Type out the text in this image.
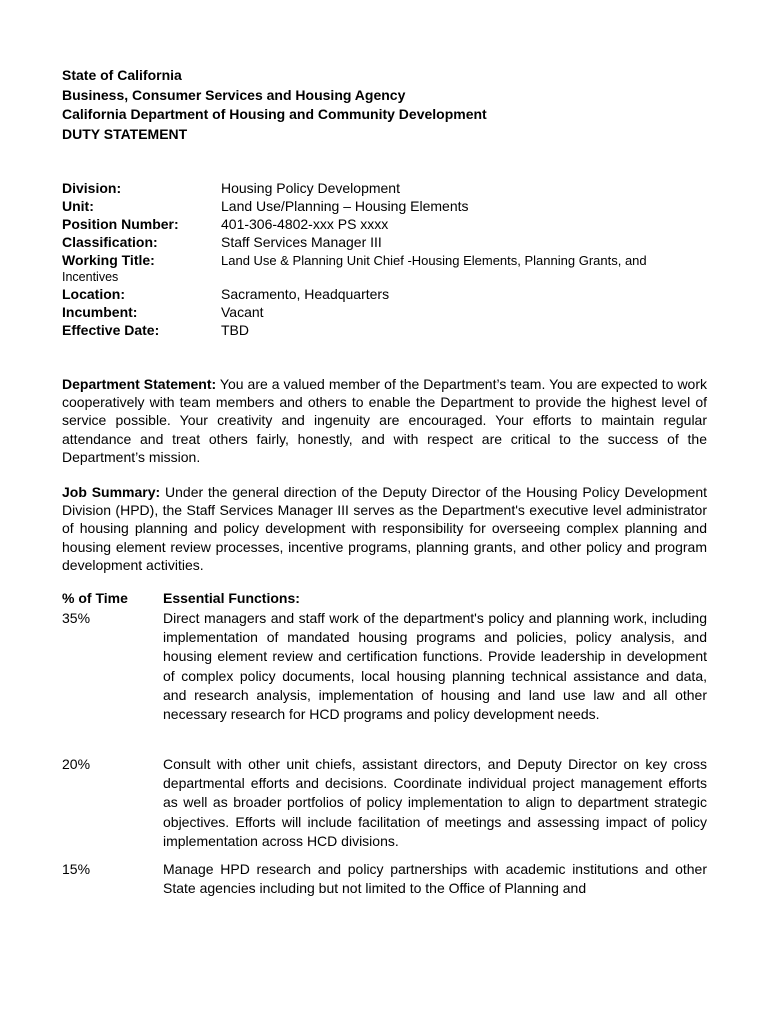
State of California
Business, Consumer Services and Housing Agency
California Department of Housing and Community Development
DUTY STATEMENT
Division:	Housing Policy Development
Unit:	Land Use/Planning – Housing Elements
Position Number:	401-306-4802-xxx PS xxxx
Classification:	Staff Services Manager III
Working Title:	Land Use & Planning Unit Chief -Housing Elements, Planning Grants, and
Incentives
Location:	Sacramento, Headquarters
Incumbent:	Vacant
Effective Date:	TBD
Department Statement: You are a valued member of the Department’s team. You are expected to work cooperatively with team members and others to enable the Department to provide the highest level of service possible. Your creativity and ingenuity are encouraged. Your efforts to maintain regular attendance and treat others fairly, honestly, and with respect are critical to the success of the Department’s mission.
Job Summary: Under the general direction of the Deputy Director of the Housing Policy Development Division (HPD), the Staff Services Manager III serves as the Department's executive level administrator of housing planning and policy development with responsibility for overseeing complex planning and housing element review processes, incentive programs, planning grants, and other policy and program development activities.
% of Time	Essential Functions:
35%	Direct managers and staff work of the department's policy and planning work, including implementation of mandated housing programs and policies, policy analysis, and housing element review and certification functions. Provide leadership in development of complex policy documents, local housing planning technical assistance and data, and research analysis, implementation of housing and land use law and all other necessary research for HCD programs and policy development needs.
20%	Consult with other unit chiefs, assistant directors, and Deputy Director on key cross departmental efforts and decisions. Coordinate individual project management efforts as well as broader portfolios of policy implementation to align to department strategic objectives. Efforts will include facilitation of meetings and assessing impact of policy implementation across HCD divisions.
15%	Manage HPD research and policy partnerships with academic institutions and other State agencies including but not limited to the Office of Planning and
